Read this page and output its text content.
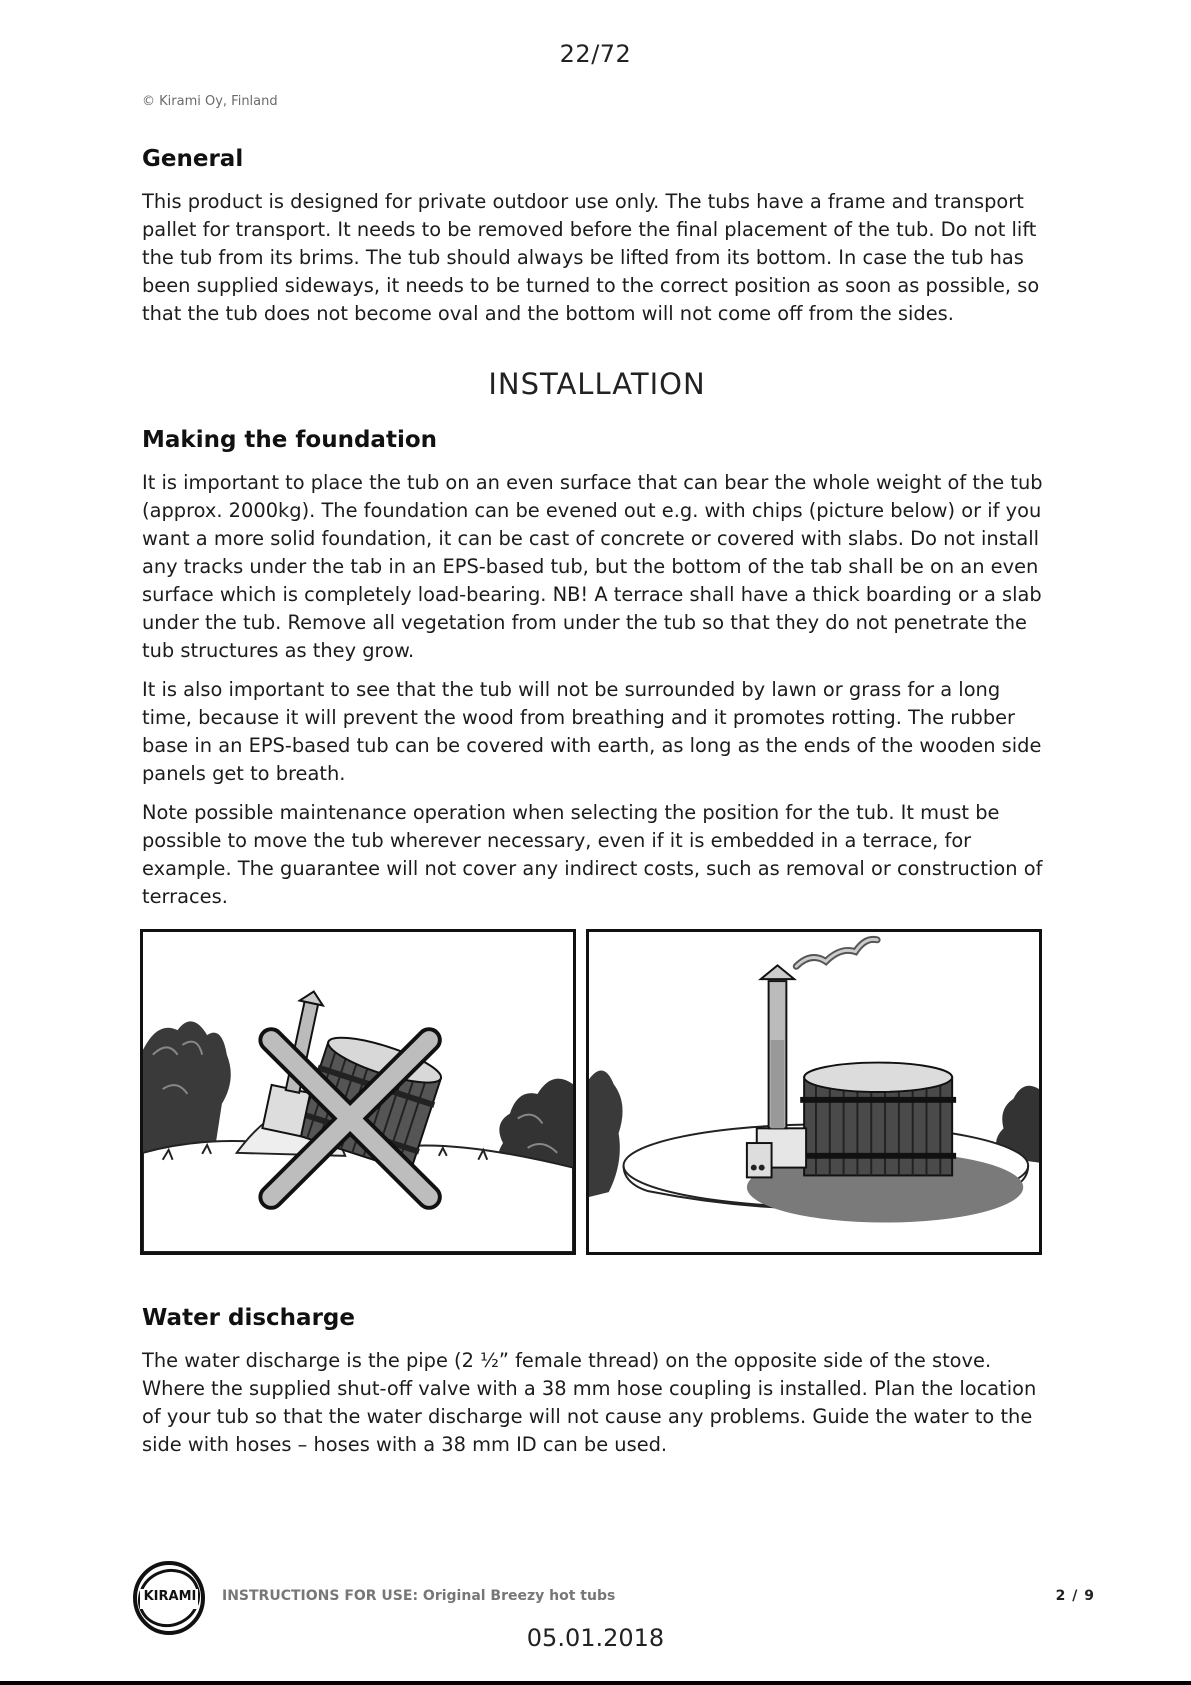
22/72
© Kirami Oy, Finland
General

This product is designed for private outdoor use only. The tubs have a frame and transport pallet for transport. It needs to be removed before the final placement of the tub. Do not lift the tub from its brims. The tub should always be lifted from its bottom. In case the tub has been supplied sideways, it needs to be turned to the correct position as soon as possible, so that the tub does not become oval and the bottom will not come off from the sides.

INSTALLATION
Making the foundation

It is important to place the tub on an even surface that can bear the whole weight of the tub (approx. 2000kg). The foundation can be evened out e.g. with chips (picture below) or if you want a more solid foundation, it can be cast of concrete or covered with slabs. Do not install any tracks under the tab in an EPS-based tub, but the bottom of the tab shall be on an even surface which is completely load-bearing. NB! A terrace shall have a thick boarding or a slab under the tub. Remove all vegetation from under the tub so that they do not penetrate the tub structures as they grow.

It is also important to see that the tub will not be surrounded by lawn or grass for a long time, because it will prevent the wood from breathing and it promotes rotting. The rubber base in an EPS-based tub can be covered with earth, as long as the ends of the wooden side panels get to breath.

Note possible maintenance operation when selecting the position for the tub. It must be possible to move the tub wherever necessary, even if it is embedded in a terrace, for example. The guarantee will not cover any indirect costs, such as removal or construction of terraces.

Water discharge

The water discharge is the pipe (2 ½” female thread) on the opposite side of the stove. Where the supplied shut-off valve with a 38 mm hose coupling is installed. Plan the location of your tub so that the water discharge will not cause any problems. Guide the water to the side with hoses – hoses with a 38 mm ID can be used.

KIRAMI INSTRUCTIONS FOR USE: Original Breezy hot tubs	2 / 9
05.01.2018
